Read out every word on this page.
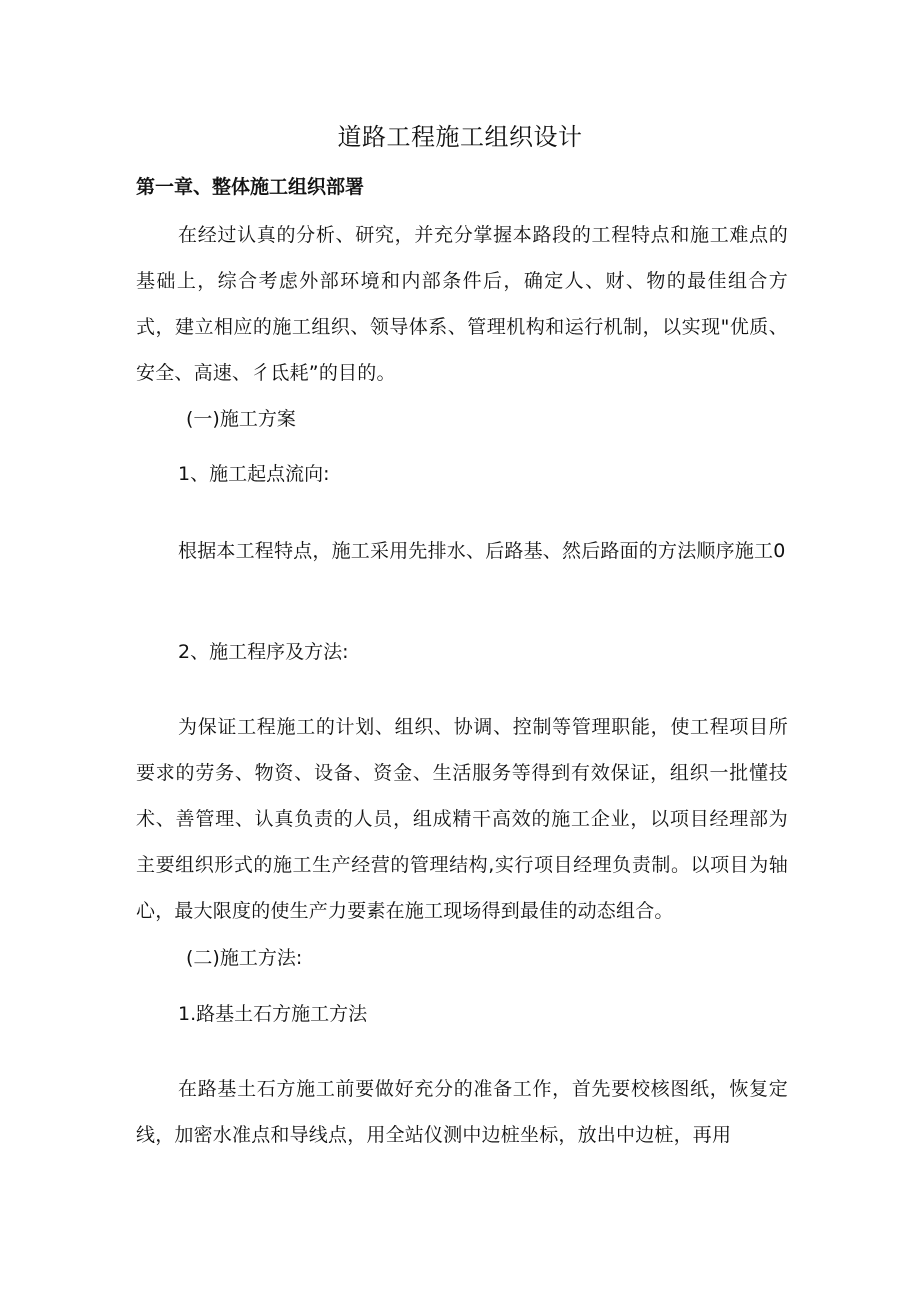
道路工程施工组织设计
第一章、整体施工组织部署

在经过认真的分析、研究，并充分掌握本路段的工程特点和施工难点的基础上，综合考虑外部环境和内部条件后，确定人、财、物的最佳组合方式，建立相应的施工组织、领导体系、管理机构和运行机制，以实现"优质、安全、高速、彳氐耗”的目的。

(一)施工方案
1、施工起点流向:

根据本工程特点，施工采用先排水、后路基、然后路面的方法顺序施工0

2、施工程序及方法:

为保证工程施工的计划、组织、协调、控制等管理职能，使工程项目所要求的劳务、物资、设备、资金、生活服务等得到有效保证，组织一批懂技术、善管理、认真负责的人员，组成精干高效的施工企业，以项目经理部为主要组织形式的施工生产经营的管理结构,实行项目经理负责制。以项目为轴心，最大限度的使生产力要素在施工现场得到最佳的动态组合。

(二)施工方法:
1.路基土石方施工方法

在路基土石方施工前要做好充分的准备工作，首先要校核图纸，恢复定线，加密水准点和导线点，用全站仪测中边桩坐标，放出中边桩，再用
